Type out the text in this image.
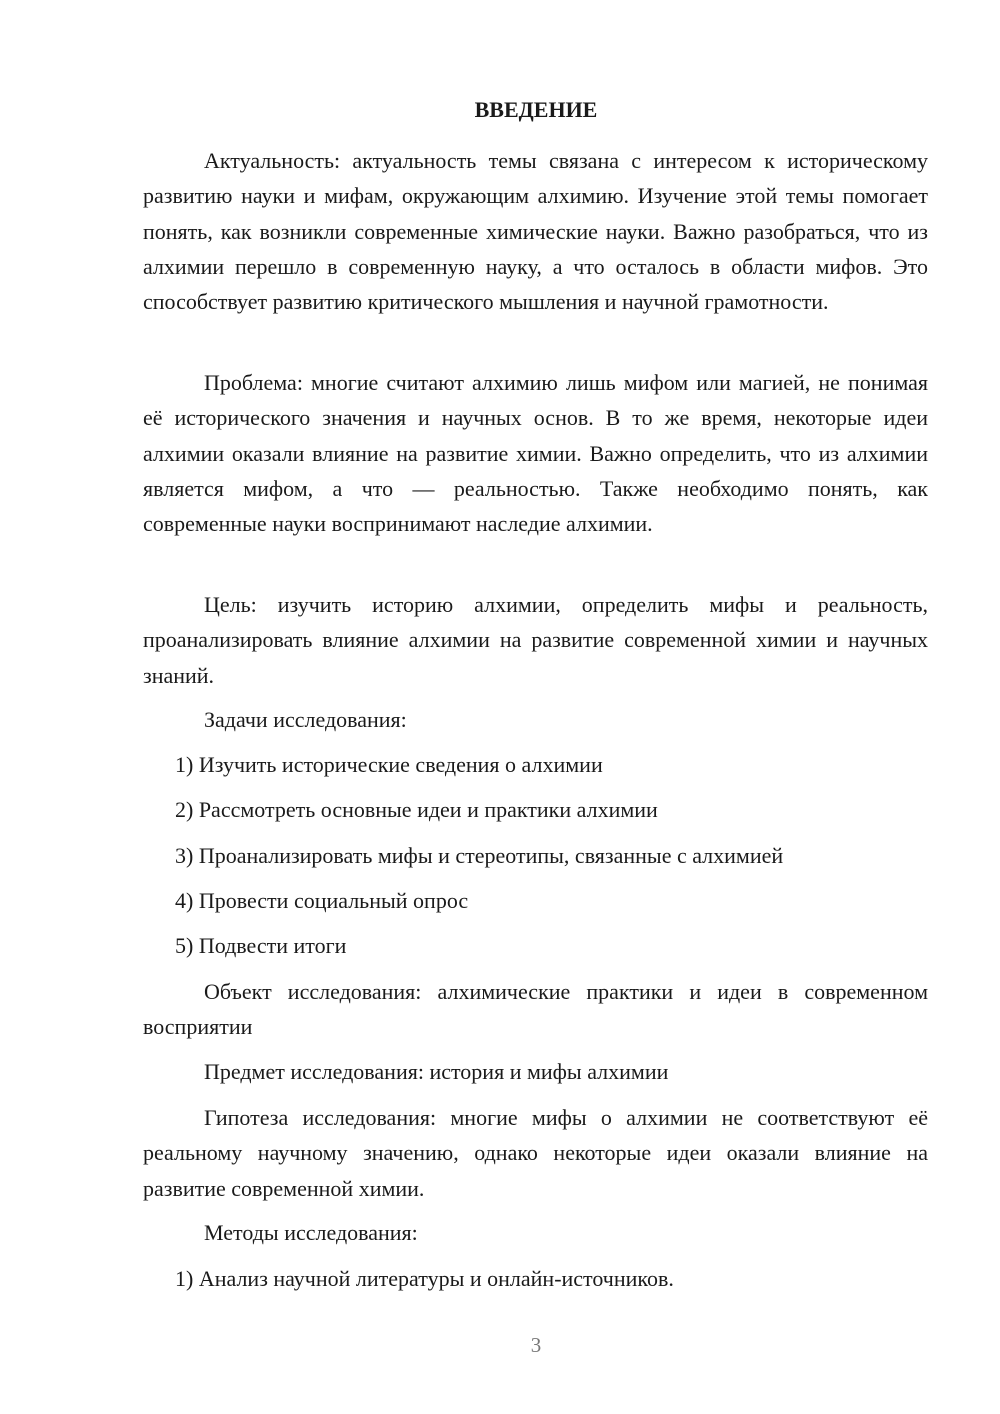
ВВЕДЕНИЕ

Актуальность: актуальность темы связана с интересом к историческому развитию науки и мифам, окружающим алхимию. Изучение этой темы помогает понять, как возникли современные химические науки. Важно разобраться, что из алхимии перешло в современную науку, а что осталось в области мифов. Это способствует развитию критического мышления и научной грамотности.

Проблема: многие считают алхимию лишь мифом или магией, не понимая её исторического значения и научных основ. В то же время, некоторые идеи алхимии оказали влияние на развитие химии. Важно определить, что из алхимии является мифом, а что — реальностью. Также необходимо понять, как современные науки воспринимают наследие алхимии.

Цель: изучить историю алхимии, определить мифы и реальность, проанализировать влияние алхимии на развитие современной химии и научных знаний.

Задачи исследования:

1) Изучить исторические сведения о алхимии

2) Рассмотреть основные идеи и практики алхимии

3) Проанализировать мифы и стереотипы, связанные с алхимией

4) Провести социальный опрос

5) Подвести итоги

Объект исследования: алхимические практики и идеи в современном восприятии

Предмет исследования: история и мифы алхимии

Гипотеза исследования: многие мифы о алхимии не соответствуют её реальному научному значению, однако некоторые идеи оказали влияние на развитие современной химии.

Методы исследования:

1) Анализ научной литературы и онлайн-источников.

3
